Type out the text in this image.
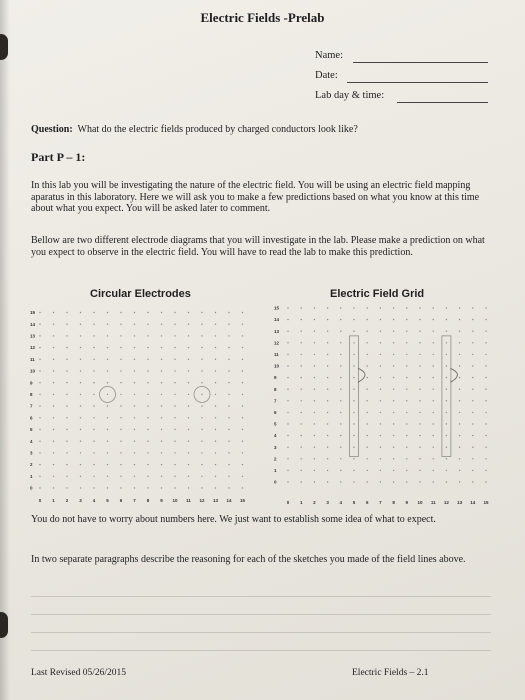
Electric Fields -Prelab
Name:
Date:
Lab day & time:
Question: What do the electric fields produced by charged conductors look like?
Part P – 1:
In this lab you will be investigating the nature of the electric field. You will be using an electric field mapping aparatus in this laboratory. Here we will ask you to make a few predictions based on what you know at this time about what you expect. You will be asked later to comment.
Bellow are two different electrode diagrams that you will investigate in the lab. Please make a prediction on what you expect to observe in the electric field. You will have to read the lab to make this prediction.
Circular Electrodes	Electric Field Grid
0 1 2 3 4 5 6 7 8 9 10 11 12 13 14 15
0
1
2
3
4
5
6
7
8
9
10
11
12
13
14
15
0 1 2 3 4 5 6 7 8 9 10 11 12 13 14 15
0
1
2
3
4
5
6
7
8
9
10
11
12
13
14
15
You do not have to worry about numbers here. We just want to establish some idea of what to expect.
In two separate paragraphs describe the reasoning for each of the sketches you made of the field lines above.
Last Revised 05/26/2015	Electric Fields – 2.1
